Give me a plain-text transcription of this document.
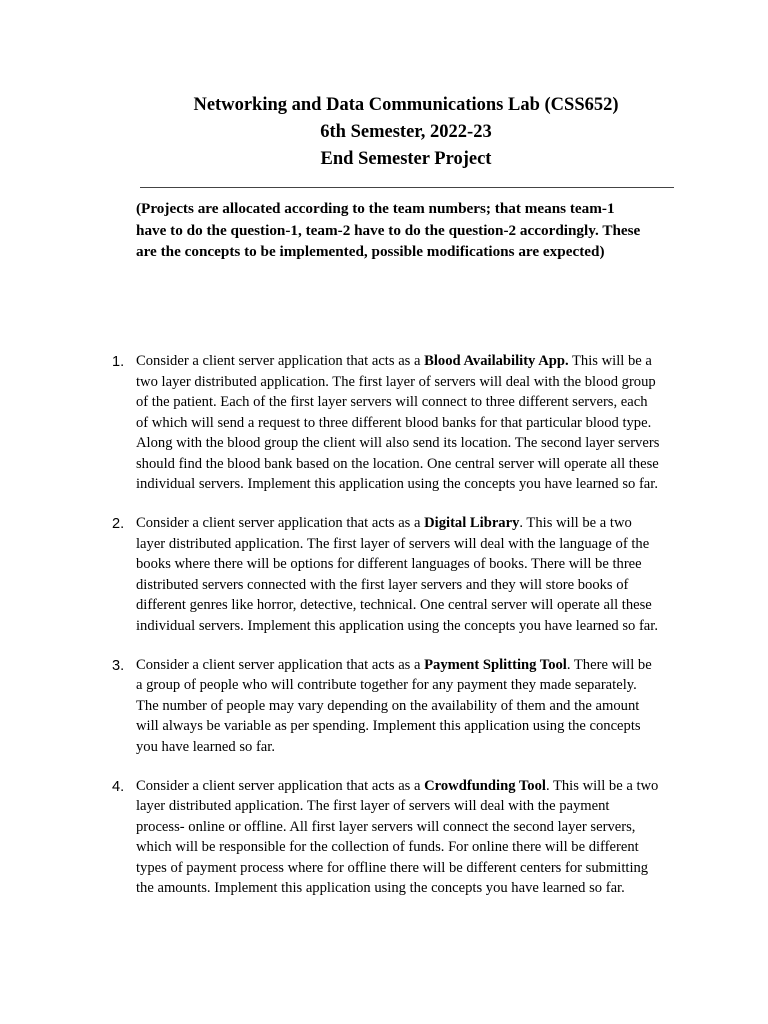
Networking and Data Communications Lab (CSS652)
6th Semester, 2022-23
End Semester Project
(Projects are allocated according to the team numbers; that means team-1
have to do the question-1, team-2 have to do the question-2 accordingly. These
are the concepts to be implemented, possible modifications are expected)
1. Consider a client server application that acts as a Blood Availability App. This will be a
two layer distributed application. The first layer of servers will deal with the blood group
of the patient. Each of the first layer servers will connect to three different servers, each
of which will send a request to three different blood banks for that particular blood type.
Along with the blood group the client will also send its location. The second layer servers
should find the blood bank based on the location. One central server will operate all these
individual servers. Implement this application using the concepts you have learned so far.
2. Consider a client server application that acts as a Digital Library. This will be a two
layer distributed application. The first layer of servers will deal with the language of the
books where there will be options for different languages of books. There will be three
distributed servers connected with the first layer servers and they will store books of
different genres like horror, detective, technical. One central server will operate all these
individual servers. Implement this application using the concepts you have learned so far.
3. Consider a client server application that acts as a Payment Splitting Tool. There will be
a group of people who will contribute together for any payment they made separately.
The number of people may vary depending on the availability of them and the amount
will always be variable as per spending. Implement this application using the concepts
you have learned so far.
4. Consider a client server application that acts as a Crowdfunding Tool. This will be a two
layer distributed application. The first layer of servers will deal with the payment
process- online or offline. All first layer servers will connect the second layer servers,
which will be responsible for the collection of funds. For online there will be different
types of payment process where for offline there will be different centers for submitting
the amounts. Implement this application using the concepts you have learned so far.
